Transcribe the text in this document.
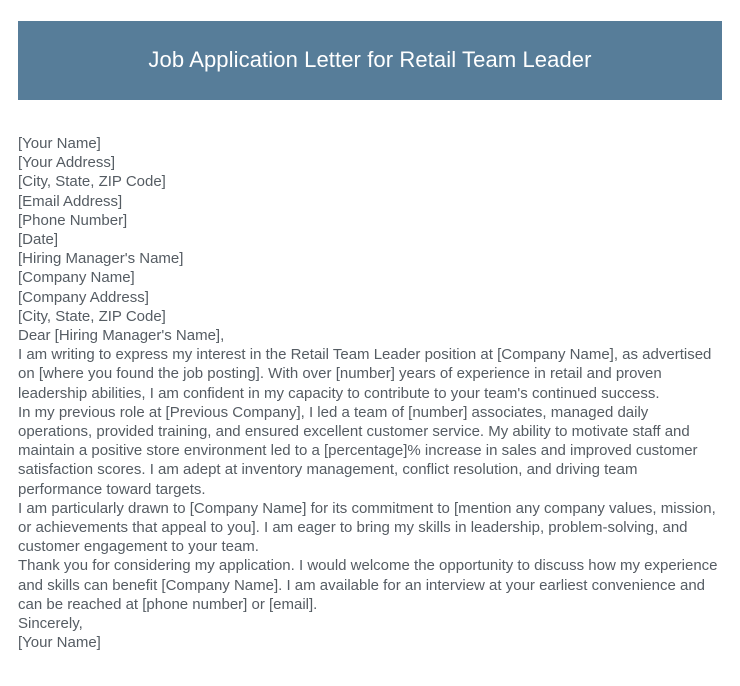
Job Application Letter for Retail Team Leader
[Your Name]
[Your Address]
[City, State, ZIP Code]
[Email Address]
[Phone Number]
[Date]
[Hiring Manager's Name]
[Company Name]
[Company Address]
[City, State, ZIP Code]
Dear [Hiring Manager's Name],

I am writing to express my interest in the Retail Team Leader position at [Company Name], as advertised on [where you found the job posting]. With over [number] years of experience in retail and proven leadership abilities, I am confident in my capacity to contribute to your team's continued success.

In my previous role at [Previous Company], I led a team of [number] associates, managed daily operations, provided training, and ensured excellent customer service. My ability to motivate staff and maintain a positive store environment led to a [percentage]% increase in sales and improved customer satisfaction scores. I am adept at inventory management, conflict resolution, and driving team performance toward targets.

I am particularly drawn to [Company Name] for its commitment to [mention any company values, mission, or achievements that appeal to you]. I am eager to bring my skills in leadership, problem-solving, and customer engagement to your team.

Thank you for considering my application. I would welcome the opportunity to discuss how my experience and skills can benefit [Company Name]. I am available for an interview at your earliest convenience and can be reached at [phone number] or [email].

Sincerely,
[Your Name]
